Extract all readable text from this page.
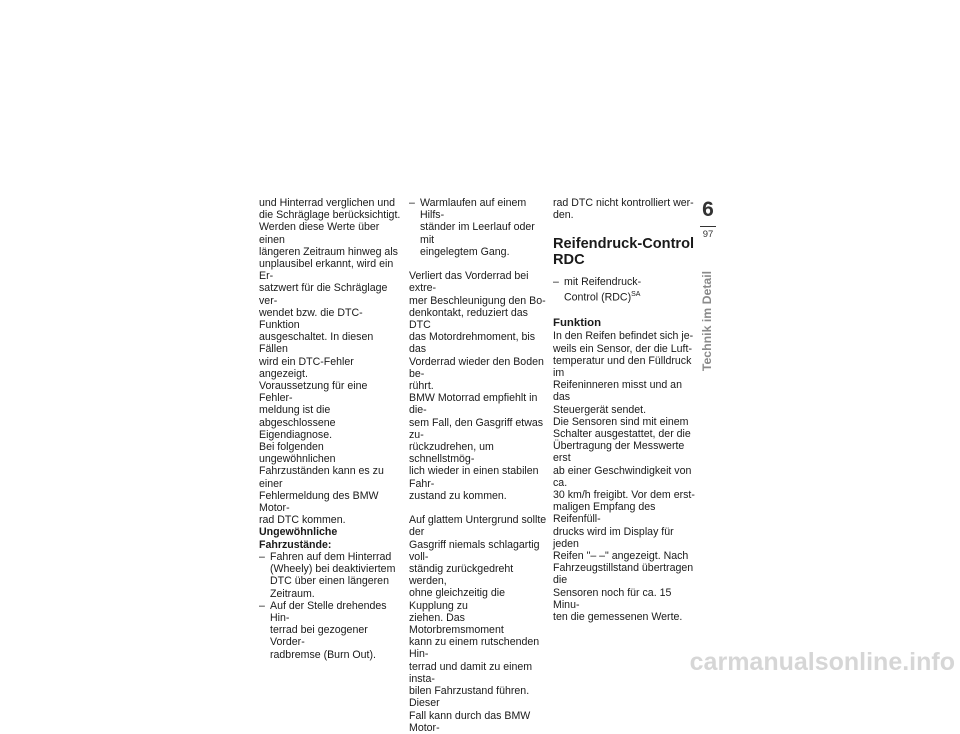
und Hinterrad verglichen und
die Schräglage berücksichtigt.
Werden diese Werte über einen
längeren Zeitraum hinweg als
unplausibel erkannt, wird ein Er-
satzwert für die Schräglage ver-
wendet bzw. die DTC-Funktion
ausgeschaltet. In diesen Fällen
wird ein DTC-Fehler angezeigt.
Voraussetzung für eine Fehler-
meldung ist die abgeschlossene
Eigendiagnose.
Bei folgenden ungewöhnlichen
Fahrzuständen kann es zu einer
Fehlermeldung des BMW Motor-
rad DTC kommen.

Ungewöhnliche
Fahrzustände:

– Fahren auf dem Hinterrad
(Wheely) bei deaktiviertem
DTC über einen längeren
Zeitraum.
– Auf der Stelle drehendes Hin-
terrad bei gezogener Vorder-
radbremse (Burn Out).
– Warmlaufen auf einem Hilfs-
ständer im Leerlauf oder mit
eingelegtem Gang.

Verliert das Vorderrad bei extre-
mer Beschleunigung den Bo-
denkontakt, reduziert das DTC
das Motordrehmoment, bis das
Vorderrad wieder den Boden be-
rührt.
BMW Motorrad empfiehlt in die-
sem Fall, den Gasgriff etwas zu-
rückzudrehen, um schnellstmög-
lich wieder in einen stabilen Fahr-
zustand zu kommen.

Auf glattem Untergrund sollte der
Gasgriff niemals schlagartig voll-
ständig zurückgedreht werden,
ohne gleichzeitig die Kupplung zu
ziehen. Das Motorbremsmoment
kann zu einem rutschenden Hin-
terrad und damit zu einem insta-
bilen Fahrzustand führen. Dieser
Fall kann durch das BMW Motor-

rad DTC nicht kontrolliert wer-
den.

Reifendruck-Control
RDC
– mit Reifendruck-
Control (RDC)$^{SA}$
Funktion

In den Reifen befindet sich je-
weils ein Sensor, der die Luft-
temperatur und den Fülldruck im
Reifeninneren misst und an das
Steuergerät sendet.
Die Sensoren sind mit einem
Schalter ausgestattet, der die
Übertragung der Messwerte erst
ab einer Geschwindigkeit von ca.
30 km/h freigibt. Vor dem erst-
maligen Empfang des Reifenfüll-
drucks wird im Display für jeden
Reifen "– –" angezeigt. Nach
Fahrzeugstillstand übertragen die
Sensoren noch für ca. 15 Minu-
ten die gemessenen Werte.

6
97
Technik im Detail
carmanualsonline.info
